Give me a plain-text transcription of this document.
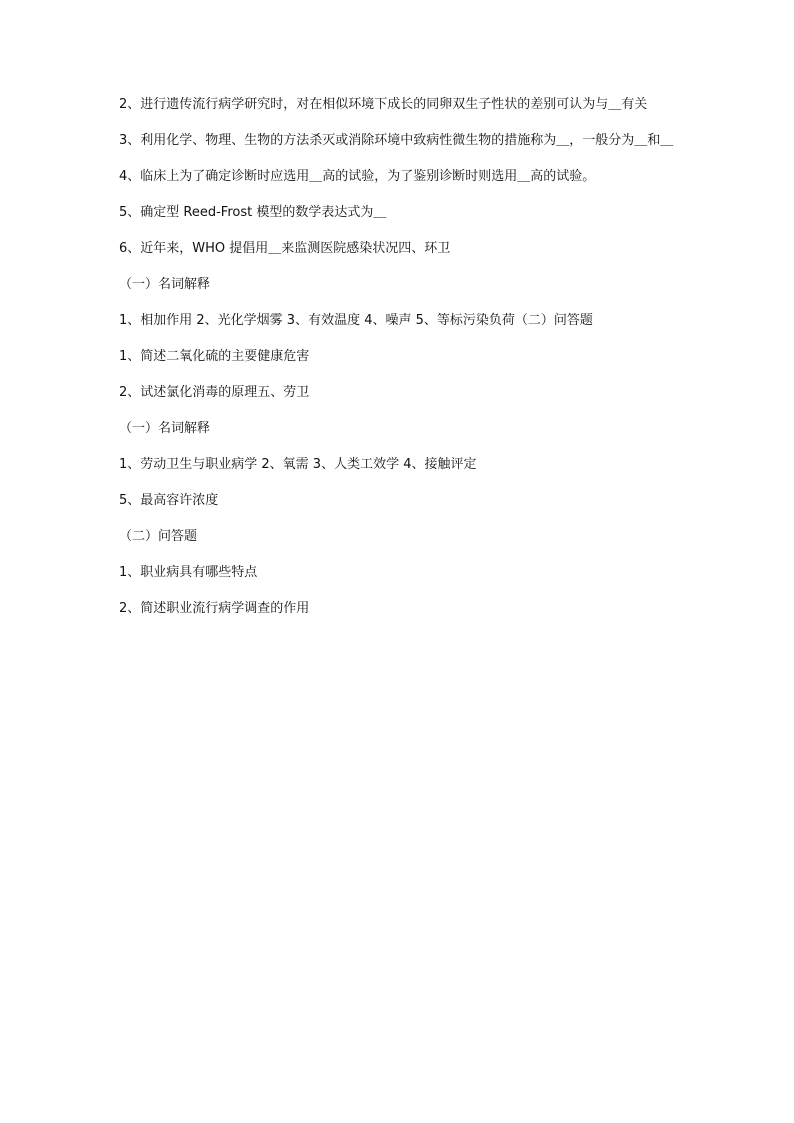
2、进行遗传流行病学研究时，对在相似环境下成长的同卵双生子性状的差别可认为与＿有关

3、利用化学、物理、生物的方法杀灭或消除环境中致病性微生物的措施称为＿，一般分为＿和＿

4、临床上为了确定诊断时应选用＿高的试验，为了鉴别诊断时则选用＿高的试验。

5、确定型 Reed-Frost 模型的数学表达式为＿

6、近年来，WHO 提倡用＿来监测医院感染状况四、环卫

（一）名词解释

1、相加作用 2、光化学烟雾 3、有效温度 4、噪声 5、等标污染负荷（二）问答题

1、简述二氧化硫的主要健康危害

2、试述氯化消毒的原理五、劳卫

（一）名词解释

1、劳动卫生与职业病学 2、氧需 3、人类工效学 4、接触评定

5、最高容许浓度

（二）问答题

1、职业病具有哪些特点

2、简述职业流行病学调查的作用
